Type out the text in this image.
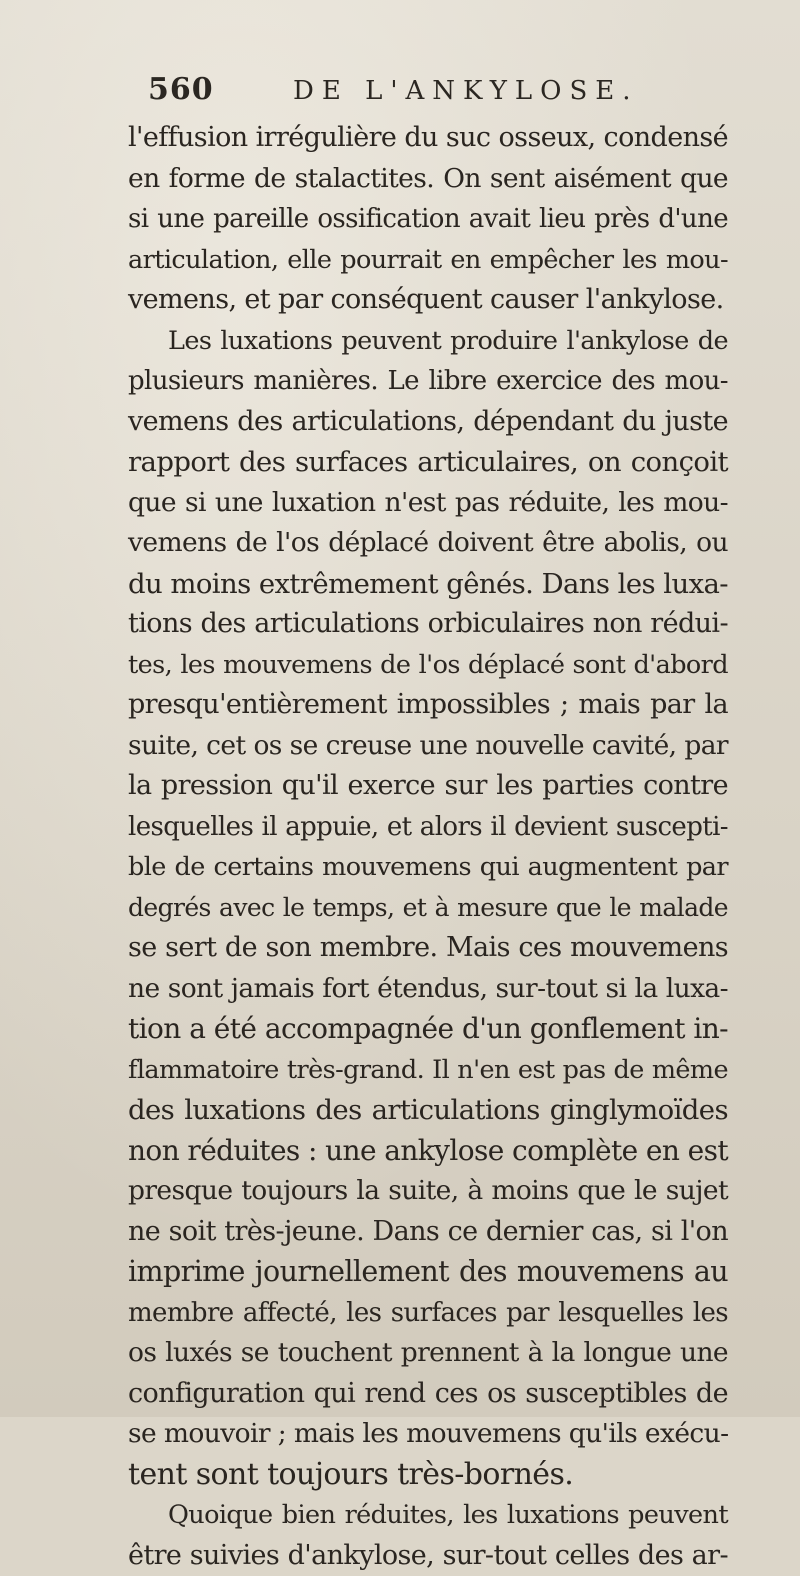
560	DE L'ANKYLOSE.
l'effusion irrégulière du suc osseux, condensé
en forme de stalactites. On sent aisément que
si une pareille ossification avait lieu près d'une
articulation, elle pourrait en empêcher les mou-
vemens, et par conséquent causer l'ankylose.
Les luxations peuvent produire l'ankylose de
plusieurs manières. Le libre exercice des mou-
vemens des articulations, dépendant du juste
rapport des surfaces articulaires, on conçoit
que si une luxation n'est pas réduite, les mou-
vemens de l'os déplacé doivent être abolis, ou
du moins extrêmement gênés. Dans les luxa-
tions des articulations orbiculaires non rédui-
tes, les mouvemens de l'os déplacé sont d'abord
presqu'entièrement impossibles ; mais par la
suite, cet os se creuse une nouvelle cavité, par
la pression qu'il exerce sur les parties contre
lesquelles il appuie, et alors il devient suscepti-
ble de certains mouvemens qui augmentent par
degrés avec le temps, et à mesure que le malade
se sert de son membre. Mais ces mouvemens
ne sont jamais fort étendus, sur-tout si la luxa-
tion a été accompagnée d'un gonflement in-
flammatoire très-grand. Il n'en est pas de même
des luxations des articulations ginglymoïdes
non réduites : une ankylose complète en est
presque toujours la suite, à moins que le sujet
ne soit très-jeune. Dans ce dernier cas, si l'on
imprime journellement des mouvemens au
membre affecté, les surfaces par lesquelles les
os luxés se touchent prennent à la longue une
configuration qui rend ces os susceptibles de
se mouvoir ; mais les mouvemens qu'ils exécu-
tent sont toujours très-bornés.
Quoique bien réduites, les luxations peuvent
être suivies d'ankylose, sur-tout celles des ar-
